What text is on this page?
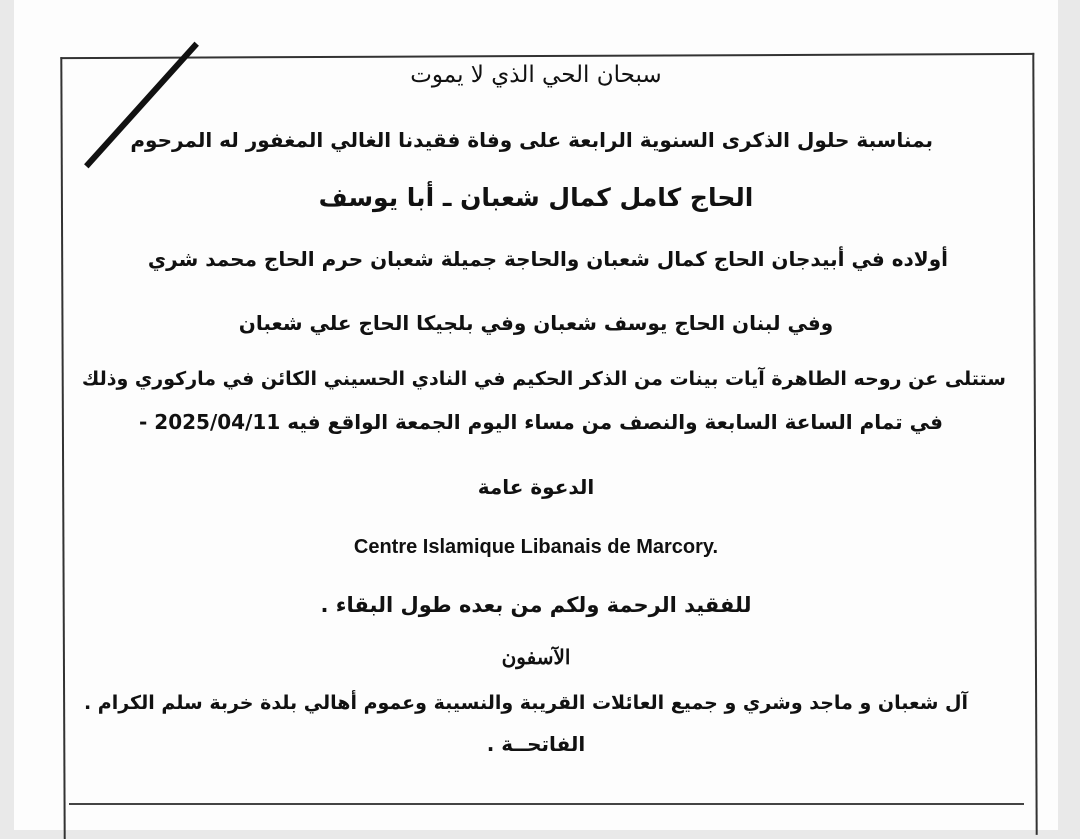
سبحان الحي الذي لا يموت
بمناسبة حلول الذكرى السنوية الرابعة على وفاة فقيدنا الغالي المغفور له المرحوم
الحاج كامل كمال شعبان ـ أبا يوسف
أولاده في أبيدجان الحاج كمال شعبان والحاجة جميلة شعبان حرم الحاج محمد شري
وفي لبنان الحاج يوسف شعبان وفي بلجيكا الحاج علي شعبان
ستتلى عن روحه الطاهرة آيات بينات من الذكر الحكيم في النادي الحسيني الكائن في ماركوري وذلك
في تمام الساعة السابعة والنصف من مساء اليوم الجمعة الواقع فيه 2025/04/11 -
الدعوة عامة
Centre Islamique Libanais de Marcory.
للفقيد الرحمة ولكم من بعده طول البقاء .
الآسفون
آل شعبان و ماجد وشري و جميع العائلات القريبة والنسيبة وعموم أهالي بلدة خربة سلم الكرام .
الفاتحــة .
